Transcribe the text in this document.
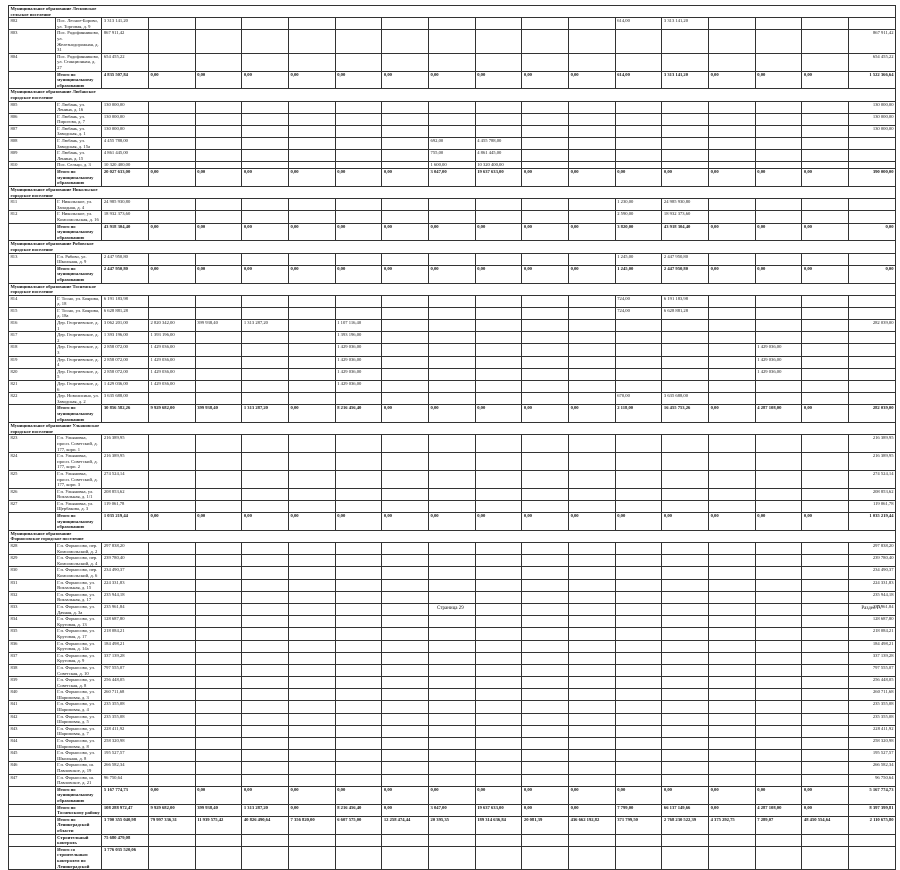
Муниципальное образование Лесновское сельское поселение																		
802	Пос. Лесное-Борово, ул. Торговая, д. 9	3 313 141,20											614,00	3 313 141,20				
803	Пос. Радофинниково, ул. Железнодорожная, д. 31	867 911,42																867 911,42
804	Пос. Радофинниково, ул. Станционная, д. 27	654 455,22																654 455,22
	Итого по муниципальному образованию	4 835 507,84	0,00	0,00	0,00	0,00	0,00	0,00	0,00	0,00	0,00	0,00	614,00	3 313 141,20	0,00	0,00	0,00	1 522 366,64
Муниципальное образование Любанское городское поселение																		
805	Г. Любань, ул. Ленина, д. 16	130 000,00																130 000,00
806	Г. Любань, ул. Пирогова, д. 7	130 000,00																130 000,00
807	Г. Любань, ул. Заводская, д. 1	130 000,00																130 000,00
808	Г. Любань, ул. Заводская, д. 15а	4 455 788,00							692,00	4 455 788,00								
809	Г. Любань, ул. Ленина, д. 15	4 861 445,00							755,00	4 861 445,00								
810	Пос. Сельцо, д. 3	10 320 400,00							1 600,00	10 320 400,00								
	Итого по муниципальному образованию	20 027 633,00	0,00	0,00	0,00	0,00	0,00	0,00	3 047,00	19 637 633,00	0,00	0,00	0,00	0,00	0,00	0,00	0,00	390 000,00
Муниципальное образование Никольское городское поселение																		
811	Г. Никольское, ул. Западная, д. 4	24 985 930,80											1 230,00	24 985 930,80				
812	Г. Никольское, ул. Комсомольская, д. 16	18 932 373,60											2 590,00	18 932 373,60				
	Итого по муниципальному образованию	43 918 304,40	0,00	0,00	0,00	0,00	0,00	0,00	0,00	0,00	0,00	0,00	3 820,00	43 918 304,40	0,00	0,00	0,00	0,00
Муниципальное образование Рябовское городское поселение																		
813	Г.п. Рябово, ул. Школьная, д. 9	2 447 950,80											1 245,00	2 447 950,80				
	Итого по муниципальному образованию	2 447 950,80	0,00	0,00	0,00	0,00	0,00	0,00	0,00	0,00	0,00	0,00	1 245,00	2 447 950,80	0,00	0,00	0,00	0,00
Муниципальное образование Тосненское городское поселение																		
814	Г. Тосно, ул. Боярова, д. 18	6 191 183,98											724,00	6 191 183,98				
815	Г. Тосно, ул. Боярова, д. 18а	6 628 881,28											724,00	6 628 881,28				
816	Дер. Георгиевское, д. 1	3 062 201,00	2 820 342,00	399 938,40	1 313 287,20		1 107 116,40											282 039,00
817	Дер. Георгиевское, д. 2	1 393 196,00	1 393 196,00				1 393 196,00											
818	Дер. Георгиевское, д. 3	2 858 072,00	1 429 036,00				1 429 036,00									1 429 036,00		
819	Дер. Георгиевское, д. 4	2 858 072,00	1 429 036,00				1 429 036,00									1 429 036,00		
820	Дер. Георгиевское, д. 5	2 858 072,00	1 429 036,00				1 429 036,00									1 429 036,00		
821	Дер. Георгиевское, д. 6	1 429 036,00	1 429 036,00				1 429 036,00											
822	Дер. Новолисино, ул. Заводская, д. 2	3 635 688,00											670,00	3 635 688,00				
	Итого по муниципальному образованию	30 856 582,26	9 929 682,00	399 938,40	1 313 287,20	0,00	8 216 456,40	0,00	0,00	0,00	0,00	0,00	2 118,00	16 455 753,26	0,00	4 287 108,00	0,00	282 039,00
Муниципальное образование Ульяновское городское поселение																		
823	Г.п. Ульяновка, просп. Советский, д. 177, корп. 1	216 389,95																216 389,95
824	Г.п. Ульяновка, просп. Советский, д. 177, корп. 2	216 389,95																216 389,95
825	Г.п. Ульяновка, просп. Советский, д. 177, корп. 3	274 524,14																274 524,14
826	Г.п. Ульяновка, ул. Вокзальная, д. 1/1	208 853,62																208 853,62
827	Г.п. Ульяновка, ул. Щербакова, д. 3	119 061,78																119 061,78
	Итого по муниципальному образованию	1 035 219,44	0,00	0,00	0,00	0,00	0,00	0,00	0,00	0,00	0,00	0,00	0,00	0,00	0,00	0,00	0,00	1 035 219,44
Муниципальное образование Форносовское городское поселение																		
828	Г.п. Форносово, пер. Комсомольский, д. 2	297 838,20																297 838,20
829	Г.п. Форносово, пер. Комсомольский, д. 4	239 780,40																239 780,40
830	Г.п. Форносово, пер. Комсомольский, д. 6	234 490,37																234 490,37
831	Г.п. Форносово, ул. Вокзальная, д. 15	224 331,83																224 331,83
832	Г.п. Форносово, ул. Вокзальная, д. 17	235 944,18																235 944,18
833	Г.п. Форносово, ул. Дачная, д. 3а	235 961,84																235 961,84
834	Г.п. Форносово, ул. Круговая, д. 13	128 687,80																128 687,80
835	Г.п. Форносово, ул. Круговая, д. 17	218 084,21																218 084,21
836	Г.п. Форносово, ул. Круговая, д. 14а	184 498,21																184 498,21
837	Г.п. Форносово, ул. Круговая, д. 9	337 139,28																337 139,28
838	Г.п. Форносово, ул. Советская, д. 10	797 555,07																797 555,07
839	Г.п. Форносово, ул. Советская, д. 8	256 448,05																256 448,05
840	Г.п. Форносово, ул. Шариповая, д. 3	260 711,68																260 711,68
841	Г.п. Форносово, ул. Шариповая, д. 4	235 355,08																235 355,08
842	Г.п. Форносово, ул. Шариповая, д. 5	235 355,08																235 355,08
843	Г.п. Форносово, ул. Шариповая, д. 7	228 411,92																228 411,92
844	Г.п. Форносово, ул. Шариповая, д. 8	258 320,98																258 320,98
845	Г.п. Форносово, ул. Школьная, д. 8	195 527,57																195 527,57
846	Г.п. Форносово, ш. Павловское, д. 19	266 582,34																266 582,34
847	Г.п. Форносово, ш. Павловское, д. 21	96 750,64																96 750,64
	Итого по муниципальному образованию	5 167 774,73	0,00	0,00	0,00	0,00	0,00	0,00	0,00	0,00	0,00	0,00	0,00	0,00	0,00	0,00	0,00	5 167 774,73
	Итого по Тосненскому району	108 288 972,47	9 929 682,00	399 938,40	1 313 287,20	0,00	8 216 456,40	0,00	3 047,00	19 637 633,00	0,00	0,00	7 799,00	66 137 149,66	0,00	4 287 108,00	0,00	8 397 399,81
	Итого по Ленинградской области	3 700 355 040,98	79 997 336,31	11 939 575,42	40 826 490,64	7 356 820,00	6 607 575,00	12 258 474,44	20 395,35	189 314 636,84	20 081,39	436 662 192,82	371 799,50	2 768 230 522,39	4 375 292,75	7 289,07	48 450 554,64	2 110 675,80
	Строительный контроль	75 680 479,08																
	Итого со строительным контролем по Ленинградской	3 776 035 520,06																
Страница 29	Раздел IV
